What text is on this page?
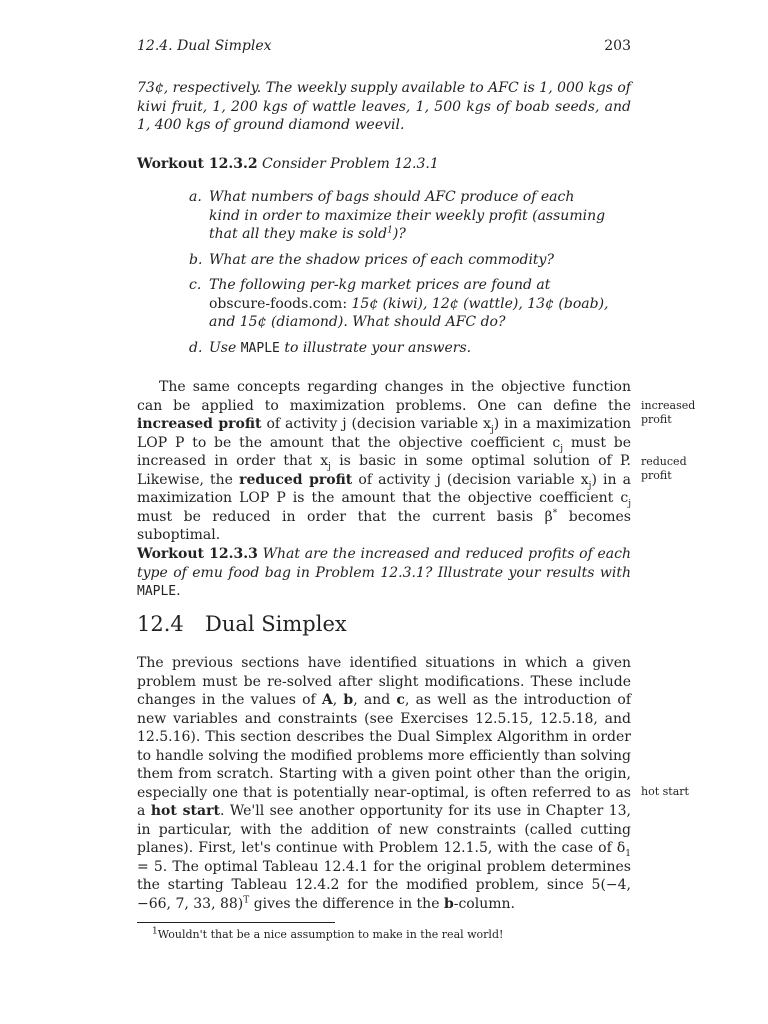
12.4. Dual Simplex	203

73¢, respectively. The weekly supply available to AFC is 1, 000 kgs of kiwi fruit, 1, 200 kgs of wattle leaves, 1, 500 kgs of boab seeds, and 1, 400 kgs of ground diamond weevil.

Workout 12.3.2 Consider Problem 12.3.1

a. What numbers of bags should AFC produce of each kind in order to maximize their weekly profit (assuming that all they make is sold$^1$)?
b. What are the shadow prices of each commodity?
c. The following per-kg market prices are found at obscure-foods.com: 15¢ (kiwi), 12¢ (wattle), 13¢ (boab), and 15¢ (diamond). What should AFC do?
d. Use MAPLE to illustrate your answers.

The same concepts regarding changes in the objective function can be applied to maximization problems. One can define the increased profit of activity j (decision variable $x_j$) in a maximization LOP P to be the amount that the objective coefficient $c_j$ must be increased in order that $x_j$ is basic in some optimal solution of P. Likewise, the reduced profit of activity j (decision variable $x_j$) in a maximization LOP P is the amount that the objective coefficient $c_j$ must be reduced in order that the current basis β* becomes suboptimal.

Workout 12.3.3 What are the increased and reduced profits of each type of emu food bag in Problem 12.3.1? Illustrate your results with MAPLE.

12.4 Dual Simplex

The previous sections have identified situations in which a given problem must be re-solved after slight modifications. These include changes in the values of A, b, and c, as well as the introduction of new variables and constraints (see Exercises 12.5.15, 12.5.18, and 12.5.16). This section describes the Dual Simplex Algorithm in order to handle solving the modified problems more efficiently than solving them from scratch. Starting with a given point other than the origin, especially one that is potentially near-optimal, is often referred to as a hot start. We'll see another opportunity for its use in Chapter 13, in particular, with the addition of new constraints (called cutting planes). First, let's continue with Problem 12.1.5, with the case of $\delta_1 = 5$. The optimal Tableau 12.4.1 for the original problem determines the starting Tableau 12.4.2 for the modified problem, since 5(−4, −66, 7, 33, 88)$^T$ gives the difference in the b-column.

increased profit
reduced profit
hot start
$^1$Wouldn't that be a nice assumption to make in the real world!
